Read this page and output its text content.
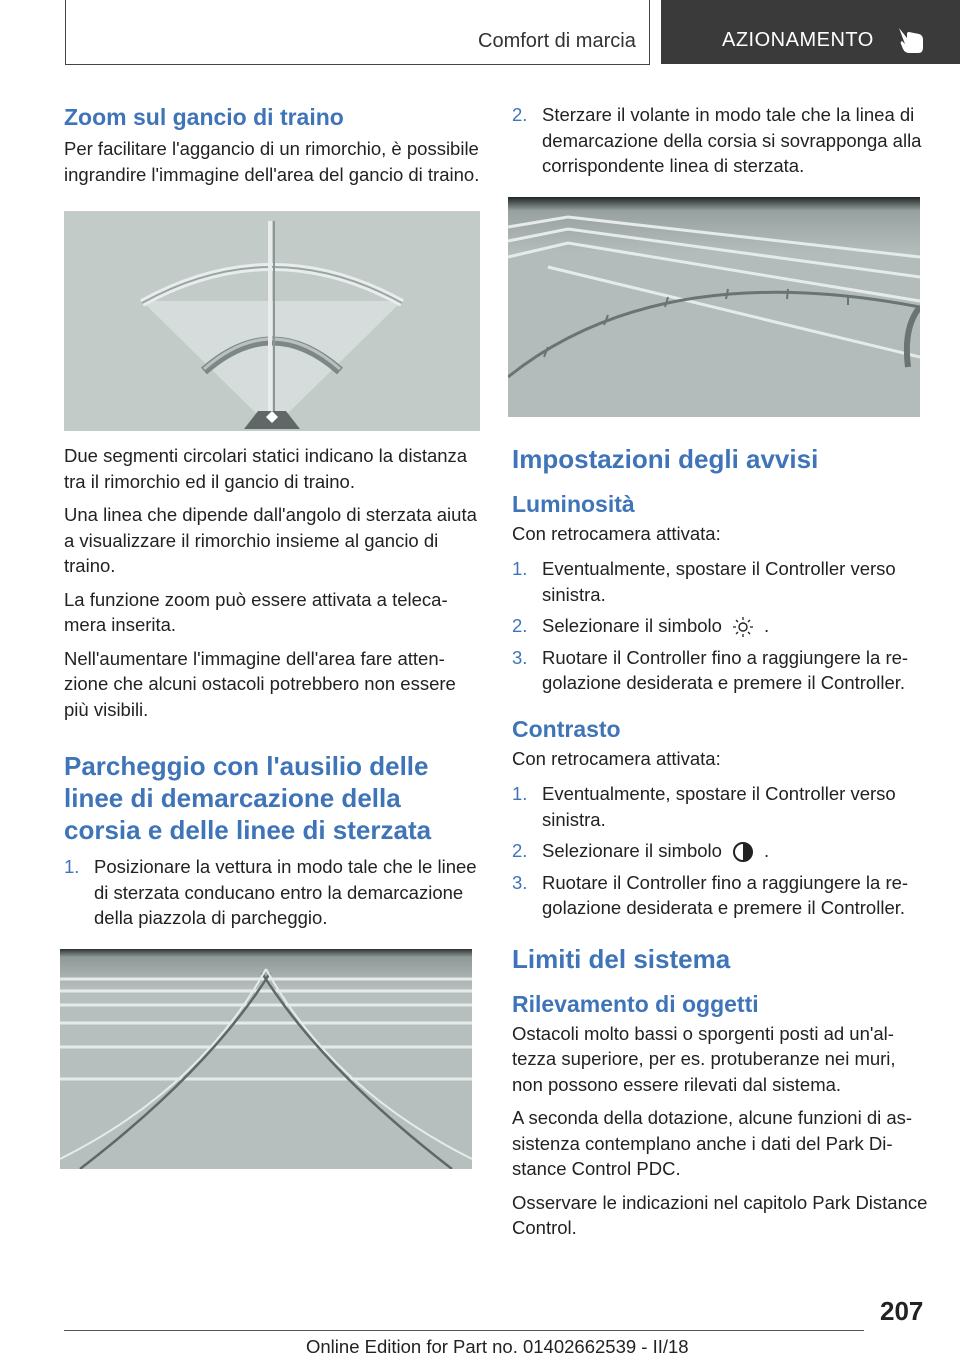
Comfort di marcia	AZIONAMENTO
Zoom sul gancio di traino

Per facilitare l'aggancio di un rimorchio, è possibile ingrandire l'immagine dell'area del gancio di traino.

Due segmenti circolari statici indicano la distanza tra il rimorchio ed il gancio di traino.

Una linea che dipende dall'angolo di sterzata aiuta a visualizzare il rimorchio insieme al gancio di traino.

La funzione zoom può essere attivata a telecamera inserita.

Nell'aumentare l'immagine dell'area fare attenzione che alcuni ostacoli potrebbero non essere più visibili.

Parcheggio con l'ausilio delle linee di demarcazione della corsia e delle linee di sterzata
1. Posizionare la vettura in modo tale che le linee di sterzata conducano entro la demarcazione della piazzola di parcheggio.
2. Sterzare il volante in modo tale che la linea di demarcazione della corsia si sovrapponga alla corrispondente linea di sterzata.
Impostazioni degli avvisi
Luminosità

Con retrocamera attivata:

1. Eventualmente, spostare il Controller verso sinistra.
2. Selezionare il simbolo .
3. Ruotare il Controller fino a raggiungere la regolazione desiderata e premere il Controller.
Contrasto

Con retrocamera attivata:

1. Eventualmente, spostare il Controller verso sinistra.
2. Selezionare il simbolo .
3. Ruotare il Controller fino a raggiungere la regolazione desiderata e premere il Controller.
Limiti del sistema
Rilevamento di oggetti

Ostacoli molto bassi o sporgenti posti ad un'altezza superiore, per es. protuberanze nei muri, non possono essere rilevati dal sistema.

A seconda della dotazione, alcune funzioni di assistenza contemplano anche i dati del Park Distance Control PDC.

Osservare le indicazioni nel capitolo Park Distance Control.

207
Online Edition for Part no. 01402662539 - II/18
